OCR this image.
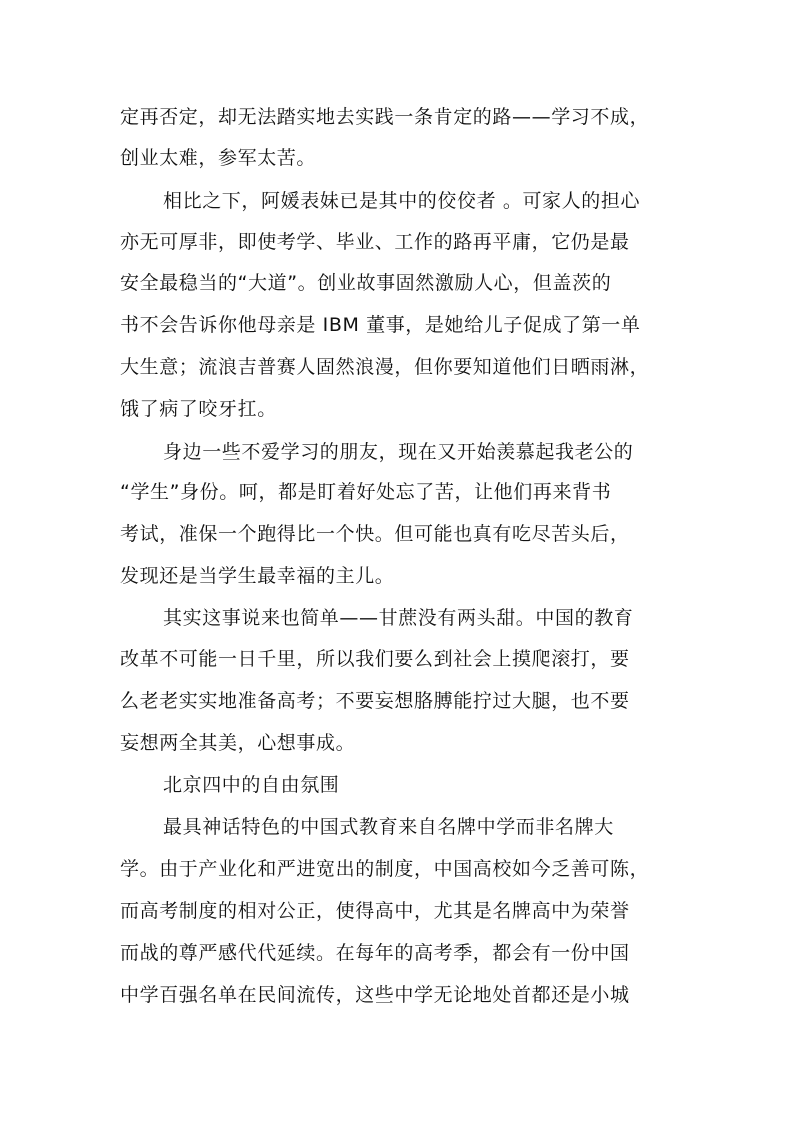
定再否定，却无法踏实地去实践一条肯定的路——学习不成，
创业太难，参军太苦。
相比之下，阿媛表妹已是其中的佼佼者 。可家人的担心
亦无可厚非，即使考学、毕业、工作的路再平庸，它仍是最
安全最稳当的“大道”。创业故事固然激励人心，但盖茨的
书不会告诉你他母亲是 IBM 董事，是她给儿子促成了第一单
大生意；流浪吉普赛人固然浪漫，但你要知道他们日晒雨淋，
饿了病了咬牙扛。
身边一些不爱学习的朋友，现在又开始羡慕起我老公的
“学生”身份。呵，都是盯着好处忘了苦，让他们再来背书
考试，准保一个跑得比一个快。但可能也真有吃尽苦头后，
发现还是当学生最幸福的主儿。
其实这事说来也简单——甘蔗没有两头甜。中国的教育
改革不可能一日千里，所以我们要么到社会上摸爬滚打，要
么老老实实地准备高考；不要妄想胳膊能拧过大腿，也不要
妄想两全其美，心想事成。
北京四中的自由氛围
最具神话特色的中国式教育来自名牌中学而非名牌大
学。由于产业化和严进宽出的制度，中国高校如今乏善可陈，
而高考制度的相对公正，使得高中，尤其是名牌高中为荣誉
而战的尊严感代代延续。在每年的高考季，都会有一份中国
中学百强名单在民间流传，这些中学无论地处首都还是小城
